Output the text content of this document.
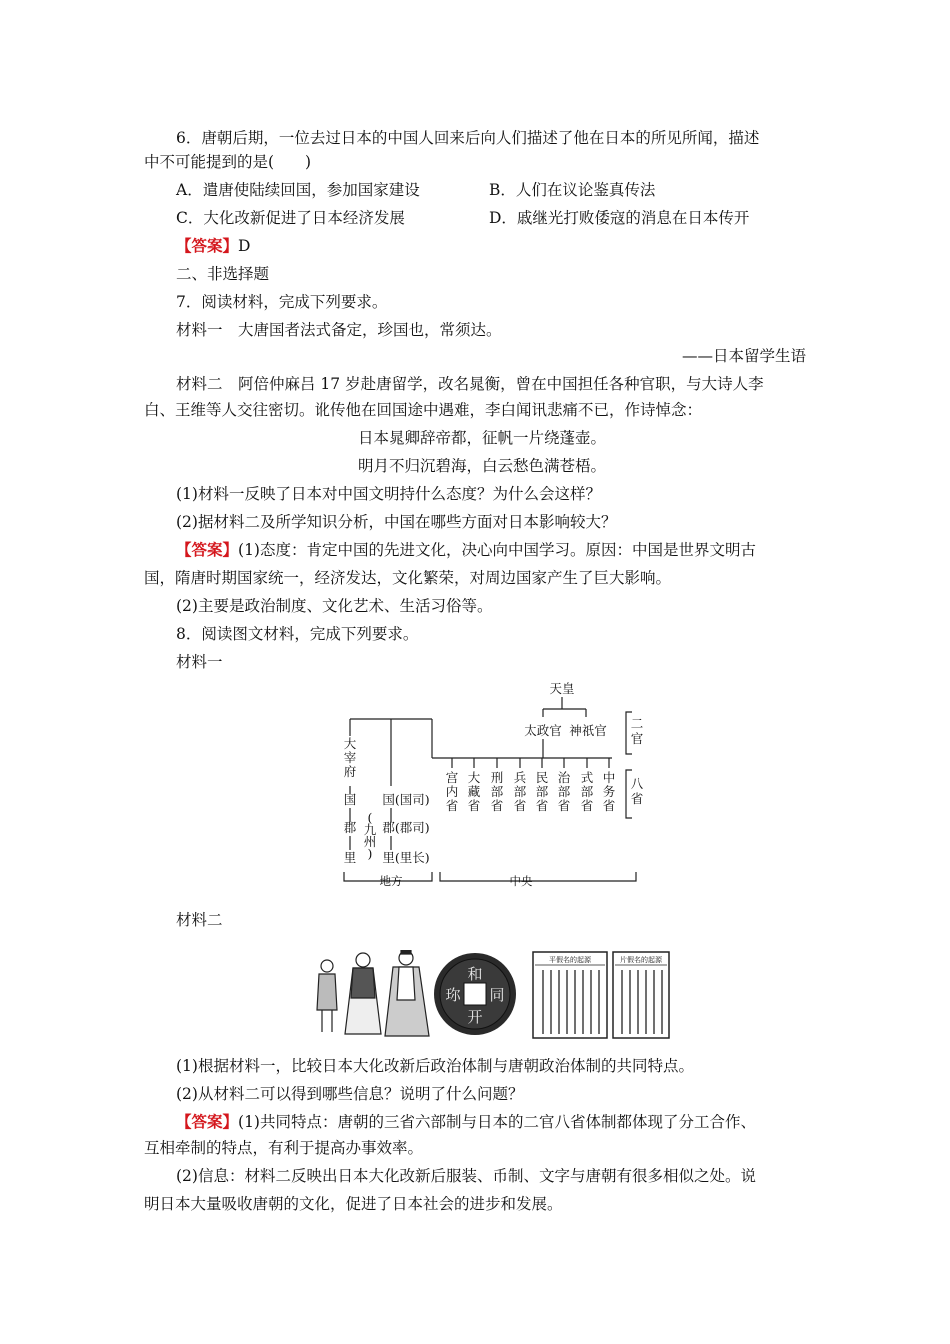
6．唐朝后期，一位去过日本的中国人回来后向人们描述了他在日本的所见所闻，描述
中不可能提到的是(　　)
A．遣唐使陆续回国，参加国家建设	B．人们在议论鉴真传法
C．大化改新促进了日本经济发展	D．戚继光打败倭寇的消息在日本传开
【答案】D
二、非选择题
7．阅读材料，完成下列要求。
材料一　大唐国者法式备定，珍国也，常须达。
——日本留学生语
材料二　阿倍仲麻吕 17 岁赴唐留学，改名晁衡，曾在中国担任各种官职，与大诗人李
白、王维等人交往密切。讹传他在回国途中遇难，李白闻讯悲痛不已，作诗悼念：
日本晁卿辞帝都，征帆一片绕蓬壶。
明月不归沉碧海，白云愁色满苍梧。
(1)材料一反映了日本对中国文明持什么态度？为什么会这样？
(2)据材料二及所学知识分析，中国在哪些方面对日本影响较大？
【答案】(1)态度：肯定中国的先进文化，决心向中国学习。原因：中国是世界文明古
国，隋唐时期国家统一，经济发达，文化繁荣，对周边国家产生了巨大影响。
(2)主要是政治制度、文化艺术、生活习俗等。
8．阅读图文材料，完成下列要求。
材料一
天皇
太政官 神祇官 二官
八省
宫内省
大藏省
刑部省
兵部省
民部省
治部省
式部省
中务省
大宰府
(九州)
国
郡
里
国(国司)
郡(郡司)
里(里长)
地方	中央
材料二
和
同
开
珎
平假名的起源	片假名的起源
(1)根据材料一，比较日本大化改新后政治体制与唐朝政治体制的共同特点。
(2)从材料二可以得到哪些信息？说明了什么问题？
【答案】(1)共同特点：唐朝的三省六部制与日本的二官八省体制都体现了分工合作、
互相牵制的特点，有利于提高办事效率。
(2)信息：材料二反映出日本大化改新后服装、币制、文字与唐朝有很多相似之处。说
明日本大量吸收唐朝的文化，促进了日本社会的进步和发展。
